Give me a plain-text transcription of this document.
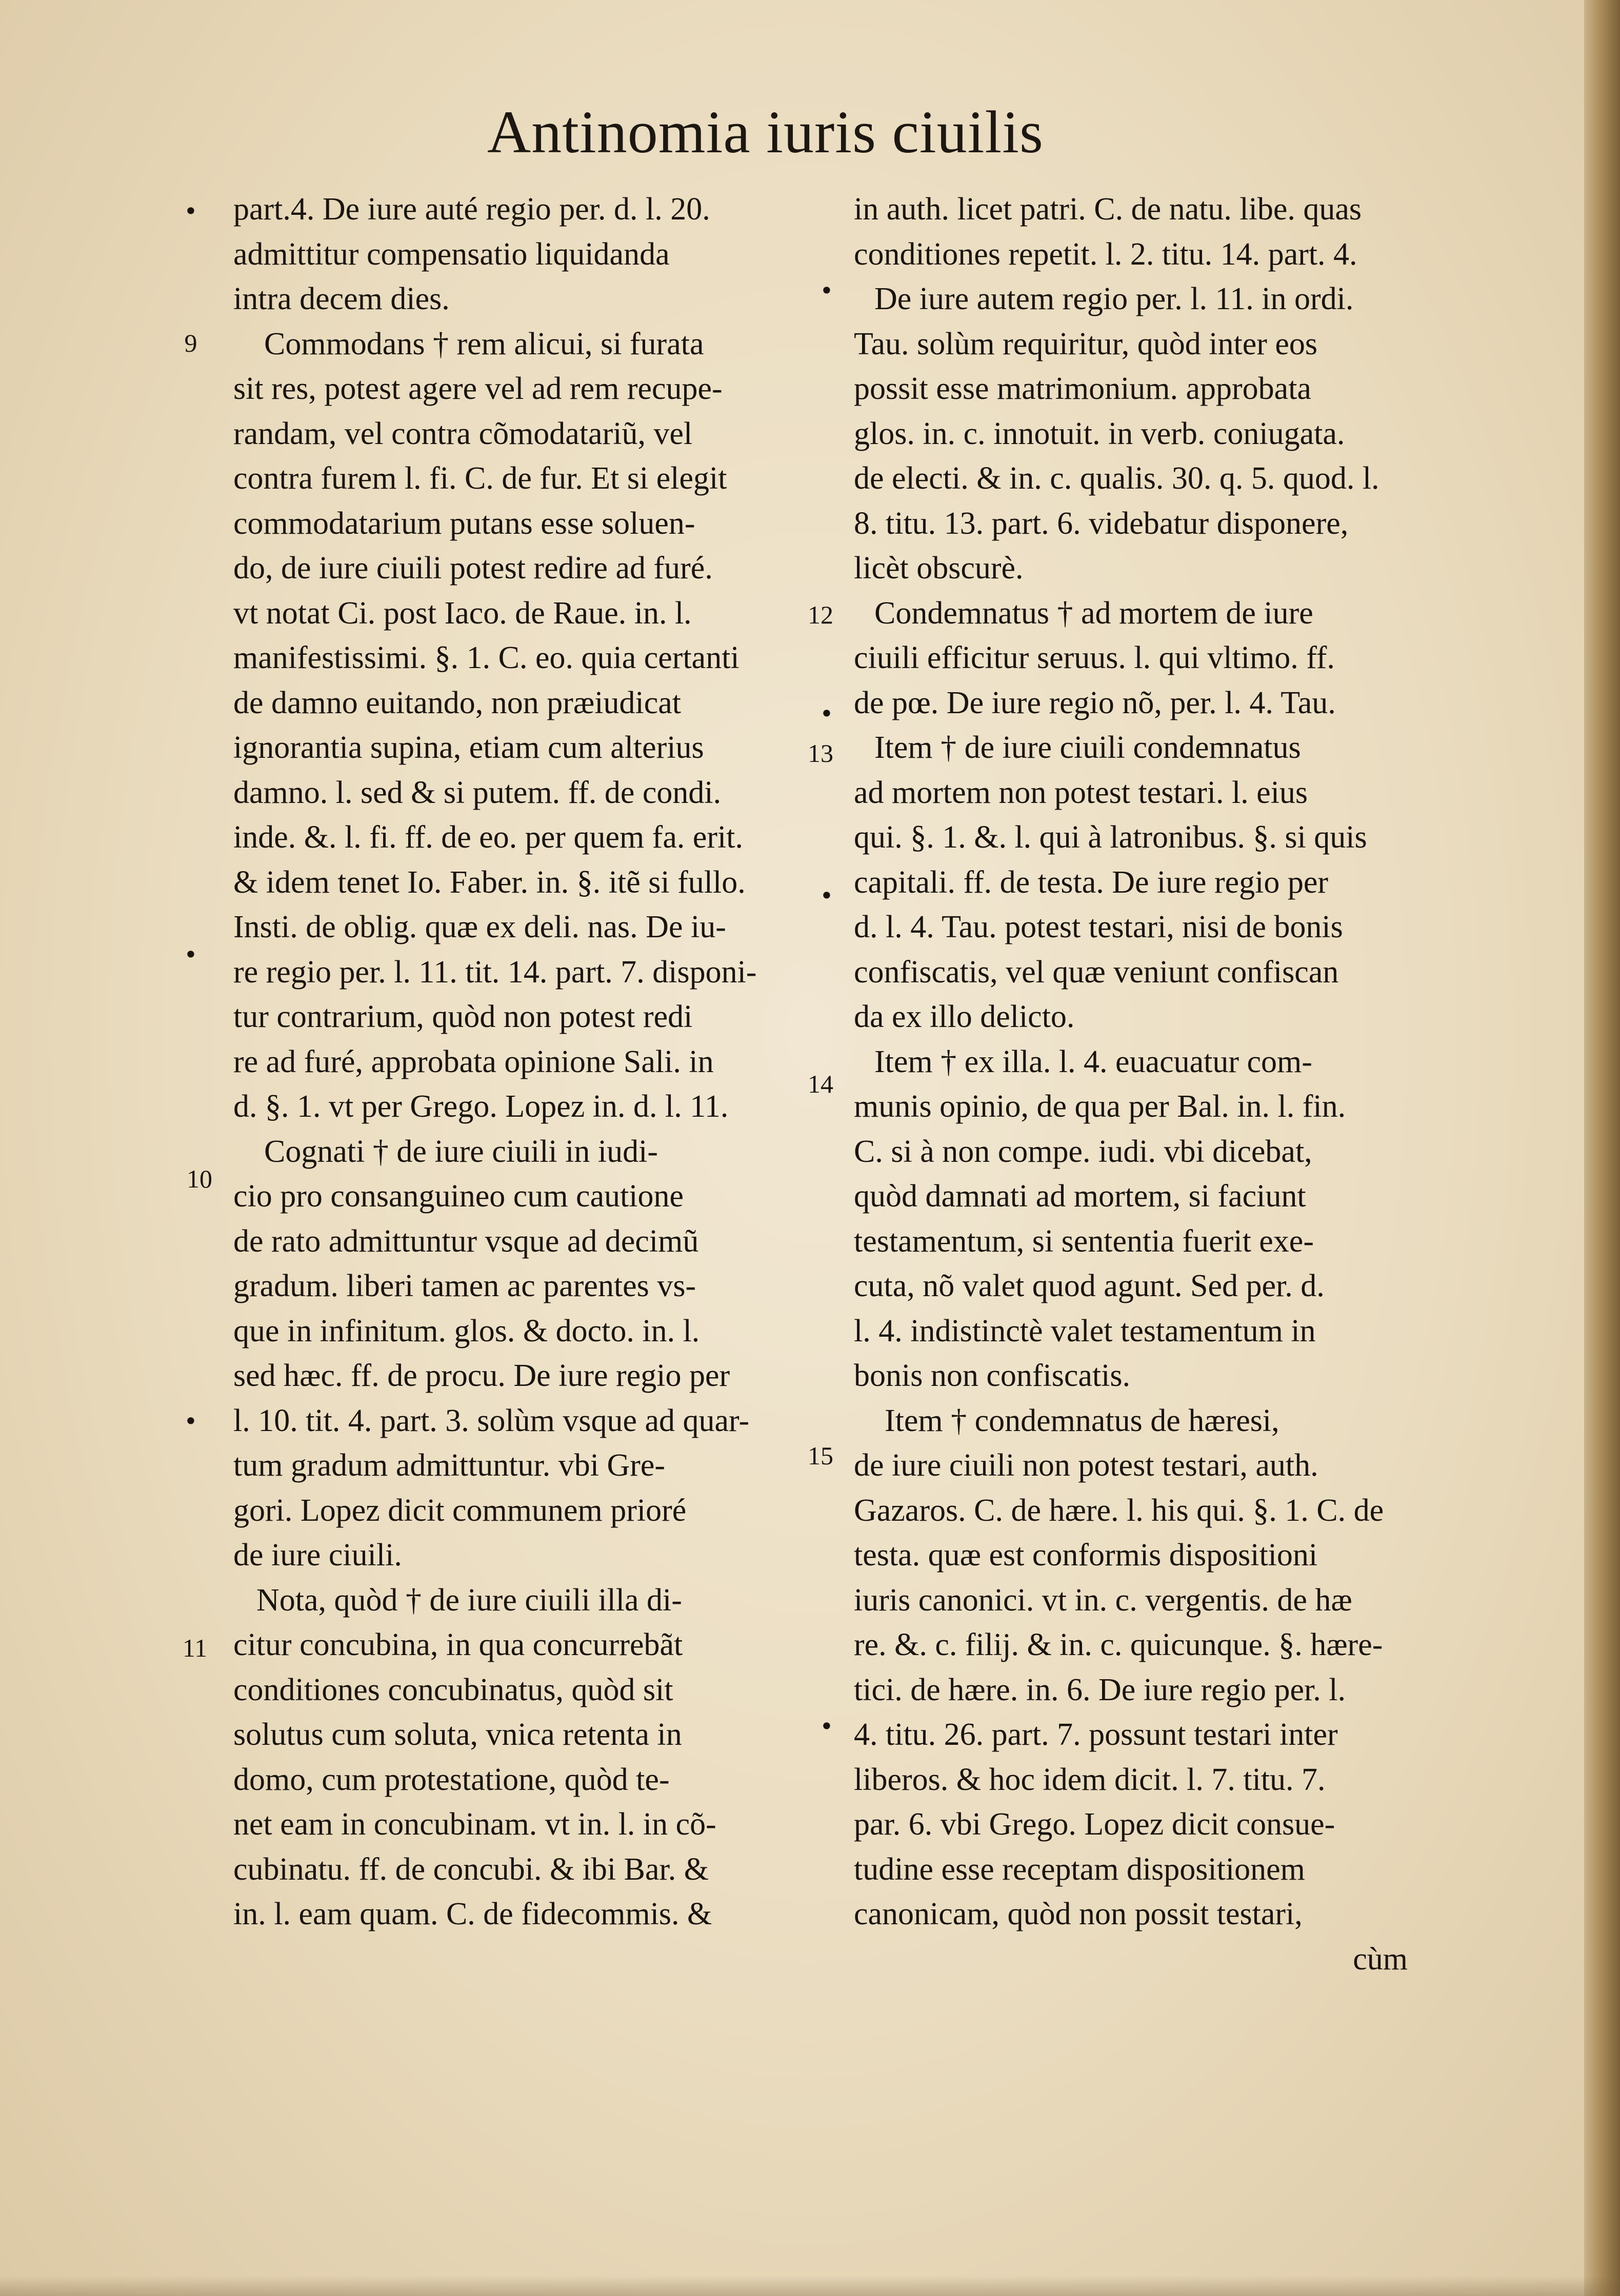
Antinomia iuris ciuilis
9
10
11
12
13
14
15
•
•
•
•
•
•
•
part.4. De iure auté regio per. d. l. 20.
admittitur compensatio liquidanda
intra decem dies.
Commodans † rem alicui, si furata
sit res, potest agere vel ad rem recupe-
randam, vel contra cõmodatariũ, vel
contra furem l. fi. C. de fur. Et si elegit
commodatarium putans esse soluen-
do, de iure ciuili potest redire ad furé.
vt notat Ci. post Iaco. de Raue. in. l.
manifestissimi. §. 1. C. eo. quia certanti
de damno euitando, non præiudicat
ignorantia supina, etiam cum alterius
damno. l. sed & si putem. ff. de condi.
inde. &. l. fi. ff. de eo. per quem fa. erit.
& idem tenet Io. Faber. in. §. itẽ si fullo.
Insti. de oblig. quæ ex deli. nas. De iu-
re regio per. l. 11. tit. 14. part. 7. disponi-
tur contrarium, quòd non potest redi
re ad furé, approbata opinione Sali. in
d. §. 1. vt per Grego. Lopez in. d. l. 11.
Cognati † de iure ciuili in iudi-
cio pro consanguineo cum cautione
de rato admittuntur vsque ad decimũ
gradum. liberi tamen ac parentes vs-
que in infinitum. glos. & docto. in. l.
sed hæc. ff. de procu. De iure regio per
l. 10. tit. 4. part. 3. solùm vsque ad quar-
tum gradum admittuntur. vbi Gre-
gori. Lopez dicit communem prioré
de iure ciuili.
Nota, quòd † de iure ciuili illa di-
citur concubina, in qua concurrebãt
conditiones concubinatus, quòd sit
solutus cum soluta, vnica retenta in
domo, cum protestatione, quòd te-
net eam in concubinam. vt in. l. in cõ-
cubinatu. ff. de concubi. & ibi Bar. &
in. l. eam quam. C. de fidecommis. &
in auth. licet patri. C. de natu. libe. quas
conditiones repetit. l. 2. titu. 14. part. 4.
De iure autem regio per. l. 11. in ordi.
Tau. solùm requiritur, quòd inter eos
possit esse matrimonium. approbata
glos. in. c. innotuit. in verb. coniugata.
de electi. & in. c. qualis. 30. q. 5. quod. l.
8. titu. 13. part. 6. videbatur disponere,
licèt obscurè.
Condemnatus † ad mortem de iure
ciuili efficitur seruus. l. qui vltimo. ff.
de pœ. De iure regio nõ, per. l. 4. Tau.
Item † de iure ciuili condemnatus
ad mortem non potest testari. l. eius
qui. §. 1. &. l. qui à latronibus. §. si quis
capitali. ff. de testa. De iure regio per
d. l. 4. Tau. potest testari, nisi de bonis
confiscatis, vel quæ veniunt confiscan
da ex illo delicto.
Item † ex illa. l. 4. euacuatur com-
munis opinio, de qua per Bal. in. l. fin.
C. si à non compe. iudi. vbi dicebat,
quòd damnati ad mortem, si faciunt
testamentum, si sententia fuerit exe-
cuta, nõ valet quod agunt. Sed per. d.
l. 4. indistinctè valet testamentum in
bonis non confiscatis.
Item † condemnatus de hæresi,
de iure ciuili non potest testari, auth.
Gazaros. C. de hære. l. his qui. §. 1. C. de
testa. quæ est conformis dispositioni
iuris canonici. vt in. c. vergentis. de hæ
re. &. c. filij. & in. c. quicunque. §. hære-
tici. de hære. in. 6. De iure regio per. l.
4. titu. 26. part. 7. possunt testari inter
liberos. & hoc idem dicit. l. 7. titu. 7.
par. 6. vbi Grego. Lopez dicit consue-
tudine esse receptam dispositionem
canonicam, quòd non possit testari,
cùm
